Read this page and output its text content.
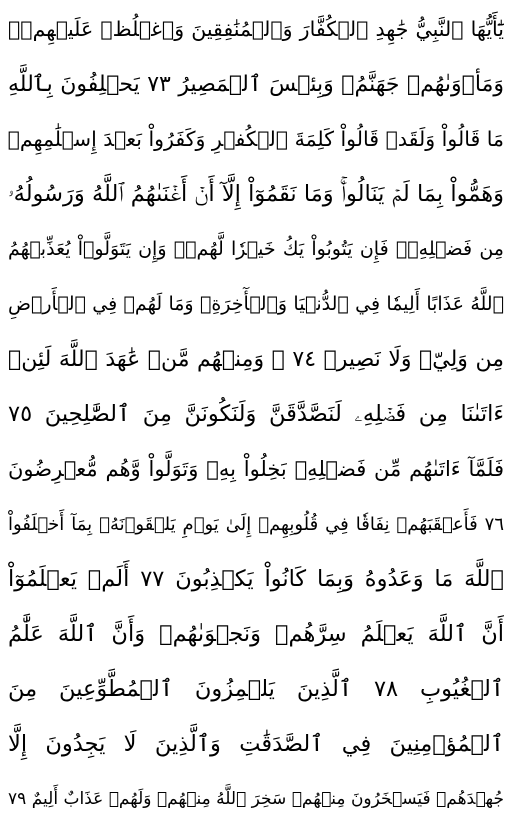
يَٰٓأَيُّهَا ٱلنَّبِيُّ جَٰهِدِ ٱلۡكُفَّارَ وَٱلۡمُنَٰفِقِينَ وَٱغۡلُظۡ عَلَيۡهِمۡۚ
وَمَأۡوَىٰهُمۡ جَهَنَّمُۖ وَبِئۡسَ ٱلۡمَصِيرُ ٧٣ يَحۡلِفُونَ بِٱللَّهِ
مَا قَالُواْ وَلَقَدۡ قَالُواْ كَلِمَةَ ٱلۡكُفۡرِ وَكَفَرُواْ بَعۡدَ إِسۡلَٰمِهِمۡ
وَهَمُّواْ بِمَا لَمۡ يَنَالُواْۚ وَمَا نَقَمُوٓاْ إِلَّآ أَنۡ أَغۡنَىٰهُمُ ٱللَّهُ وَرَسُولُهُۥ
مِن فَضۡلِهِۦۚ فَإِن يَتُوبُواْ يَكُ خَيۡرٗا لَّهُمۡۖ وَإِن يَتَوَلَّوۡاْ يُعَذِّبۡهُمُ
ٱللَّهُ عَذَابًا أَلِيمٗا فِي ٱلدُّنۡيَا وَٱلۡأٓخِرَةِۚ وَمَا لَهُمۡ فِي ٱلۡأَرۡضِ
مِن وَلِيّٖ وَلَا نَصِيرٖ ٧٤ ۞ وَمِنۡهُم مَّنۡ عَٰهَدَ ٱللَّهَ لَئِنۡ
ءَاتَىٰنَا مِن فَضۡلِهِۦ لَنَصَّدَّقَنَّ وَلَنَكُونَنَّ مِنَ ٱلصَّٰلِحِينَ ٧٥
فَلَمَّآ ءَاتَىٰهُم مِّن فَضۡلِهِۦ بَخِلُواْ بِهِۦ وَتَوَلَّواْ وَّهُم مُّعۡرِضُونَ
٧٦ فَأَعۡقَبَهُمۡ نِفَاقٗا فِي قُلُوبِهِمۡ إِلَىٰ يَوۡمِ يَلۡقَوۡنَهُۥ بِمَآ أَخۡلَفُواْ
ٱللَّهَ مَا وَعَدُوهُ وَبِمَا كَانُواْ يَكۡذِبُونَ ٧٧ أَلَمۡ يَعۡلَمُوٓاْ
أَنَّ ٱللَّهَ يَعۡلَمُ سِرَّهُمۡ وَنَجۡوَىٰهُمۡ وَأَنَّ ٱللَّهَ عَلَّٰمُ
ٱلۡغُيُوبِ ٧٨ ٱلَّذِينَ يَلۡمِزُونَ ٱلۡمُطَّوِّعِينَ مِنَ
ٱلۡمُؤۡمِنِينَ فِي ٱلصَّدَقَٰتِ وَٱلَّذِينَ لَا يَجِدُونَ إِلَّا
جُهۡدَهُمۡ فَيَسۡخَرُونَ مِنۡهُمۡ سَخِرَ ٱللَّهُ مِنۡهُمۡ وَلَهُمۡ عَذَابٌ أَلِيمٌ ٧٩
